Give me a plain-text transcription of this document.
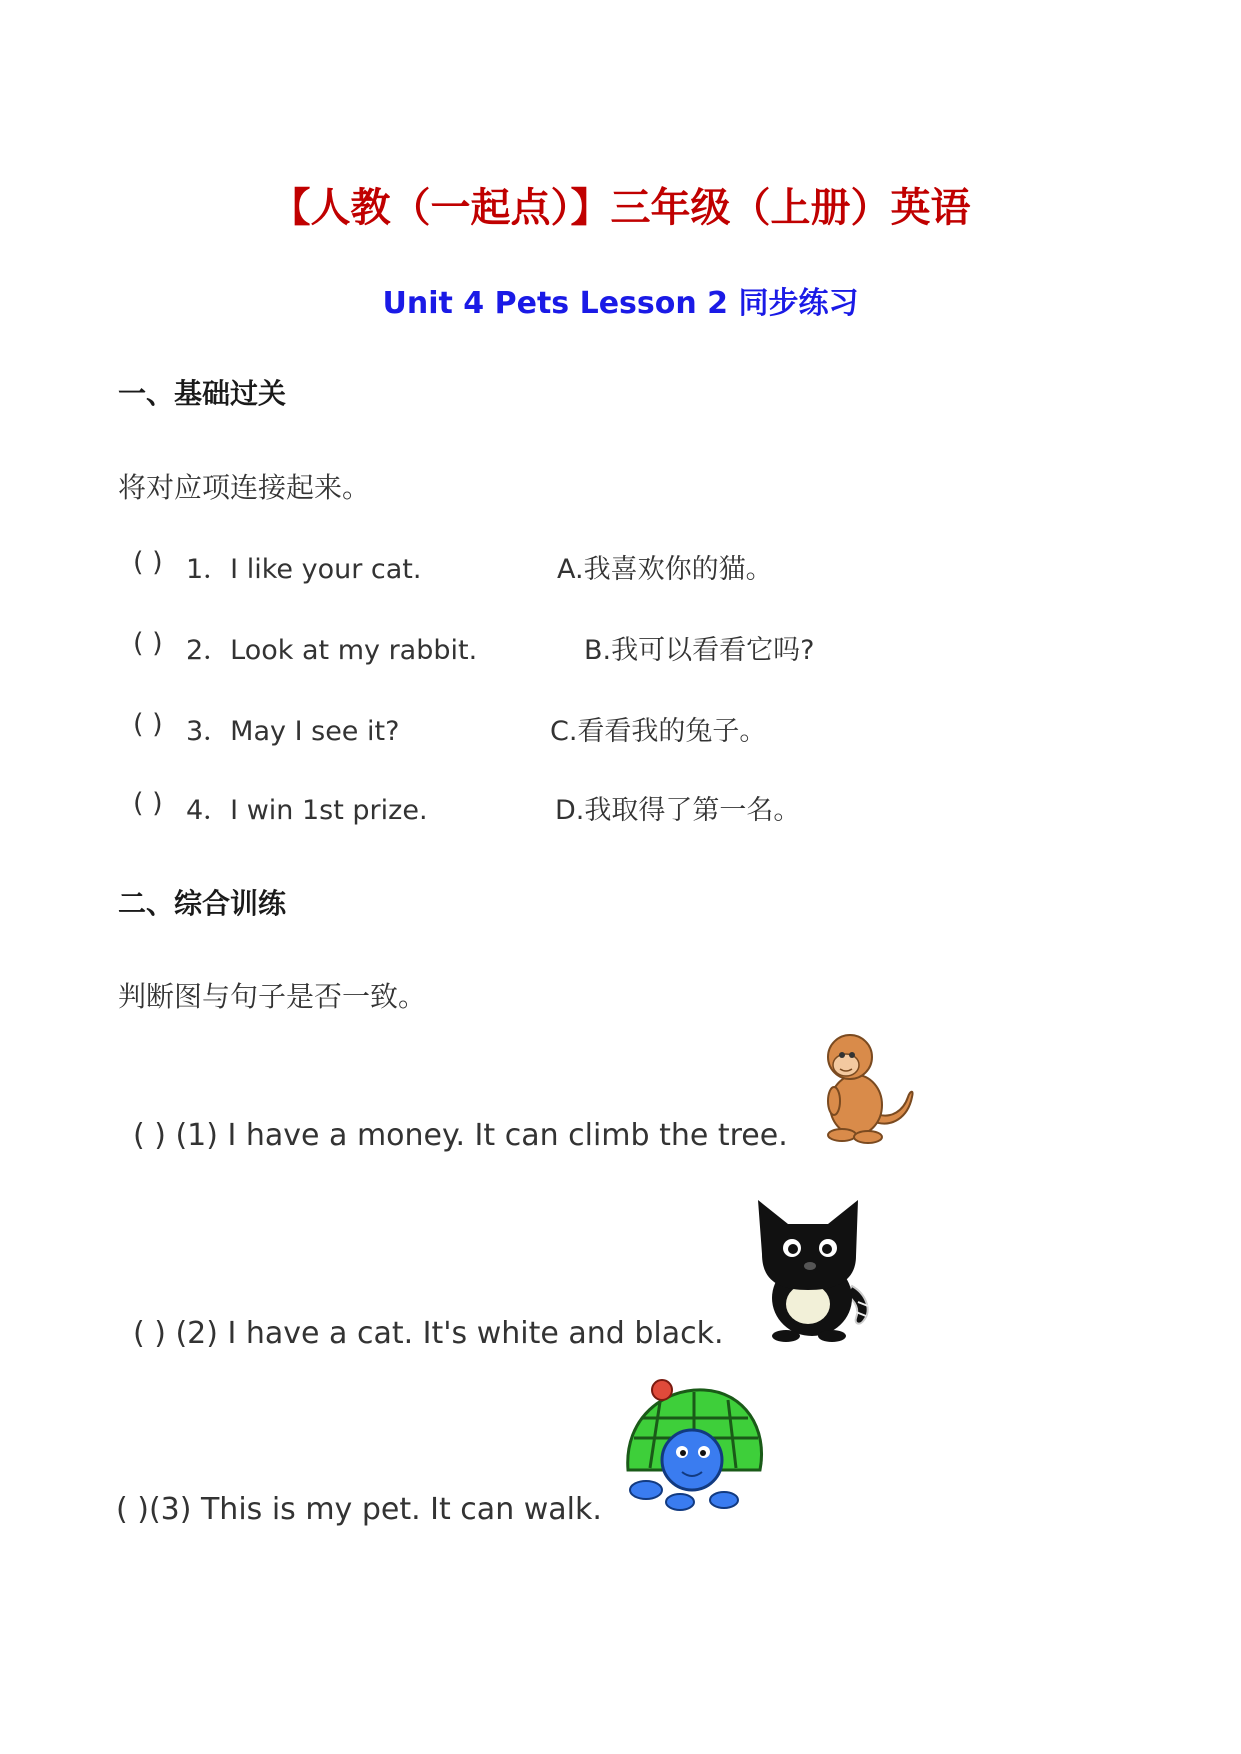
【人教（一起点）】三年级（上册）英语
Unit 4 Pets Lesson 2 同步练习
一、基础过关
将对应项连接起来。
( ) 1．I like your cat.	A.我喜欢你的猫。
( ) 2．Look at my rabbit.	B.我可以看看它吗?
( ) 3．May I see it?	C.看看我的兔子。
( ) 4．I win 1st prize.	D.我取得了第一名。
二、综合训练
判断图与句子是否一致。
( ) (1) I have a money. It can climb the tree.
( ) (2) I have a cat. It's white and black.
( )(3) This is my pet. It can walk.
